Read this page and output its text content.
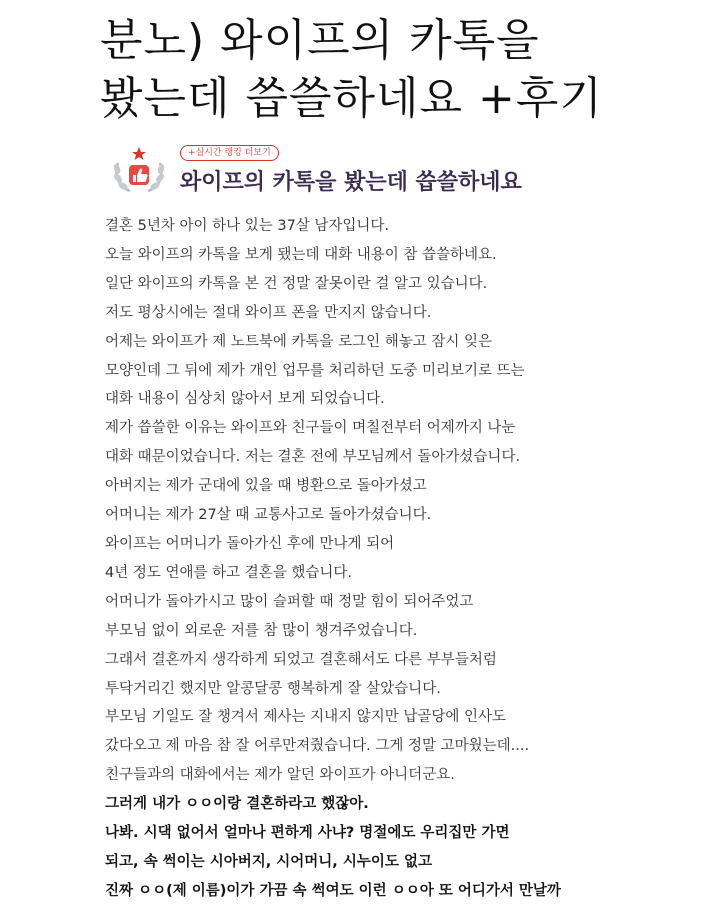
분노) 와이프의 카톡을
봤는데 씁쓸하네요 +후기
+실시간 랭킹 더보기
와이프의 카톡을 봤는데 씁쓸하네요
결혼 5년차 아이 하나 있는 37살 남자입니다.
오늘 와이프의 카톡을 보게 됐는데 대화 내용이 참 씁쓸하네요.
일단 와이프의 카톡을 본 건 정말 잘못이란 걸 알고 있습니다.
저도 평상시에는 절대 와이프 폰을 만지지 않습니다.
어제는 와이프가 제 노트북에 카톡을 로그인 해놓고 잠시 잊은
모양인데 그 뒤에 제가 개인 업무를 처리하던 도중 미리보기로 뜨는
대화 내용이 심상치 않아서 보게 되었습니다.
제가 씁쓸한 이유는 와이프와 친구들이 며칠전부터 어제까지 나눈
대화 때문이었습니다. 저는 결혼 전에 부모님께서 돌아가셨습니다.
아버지는 제가 군대에 있을 때 병환으로 돌아가셨고
어머니는 제가 27살 때 교통사고로 돌아가셨습니다.
와이프는 어머니가 돌아가신 후에 만나게 되어
4년 정도 연애를 하고 결혼을 했습니다.
어머니가 돌아가시고 많이 슬퍼할 때 정말 힘이 되어주었고
부모님 없이 외로운 저를 참 많이 챙겨주었습니다.
그래서 결혼까지 생각하게 되었고 결혼해서도 다른 부부들처럼
투닥거리긴 했지만 알콩달콩 행복하게 잘 살았습니다.
부모님 기일도 잘 챙겨서 제사는 지내지 않지만 납골당에 인사도
갔다오고 제 마음 참 잘 어루만져줬습니다. 그게 정말 고마웠는데....
친구들과의 대화에서는 제가 알던 와이프가 아니더군요.
그러게 내가 ㅇㅇ이랑 결혼하라고 했잖아.
나봐. 시댁 없어서 얼마나 편하게 사냐? 명절에도 우리집만 가면
되고, 속 썩이는 시아버지, 시어머니, 시누이도 없고
진짜 ㅇㅇ(제 이름)이가 가끔 속 썩여도 이런 ㅇㅇ아 또 어디가서 만날까
